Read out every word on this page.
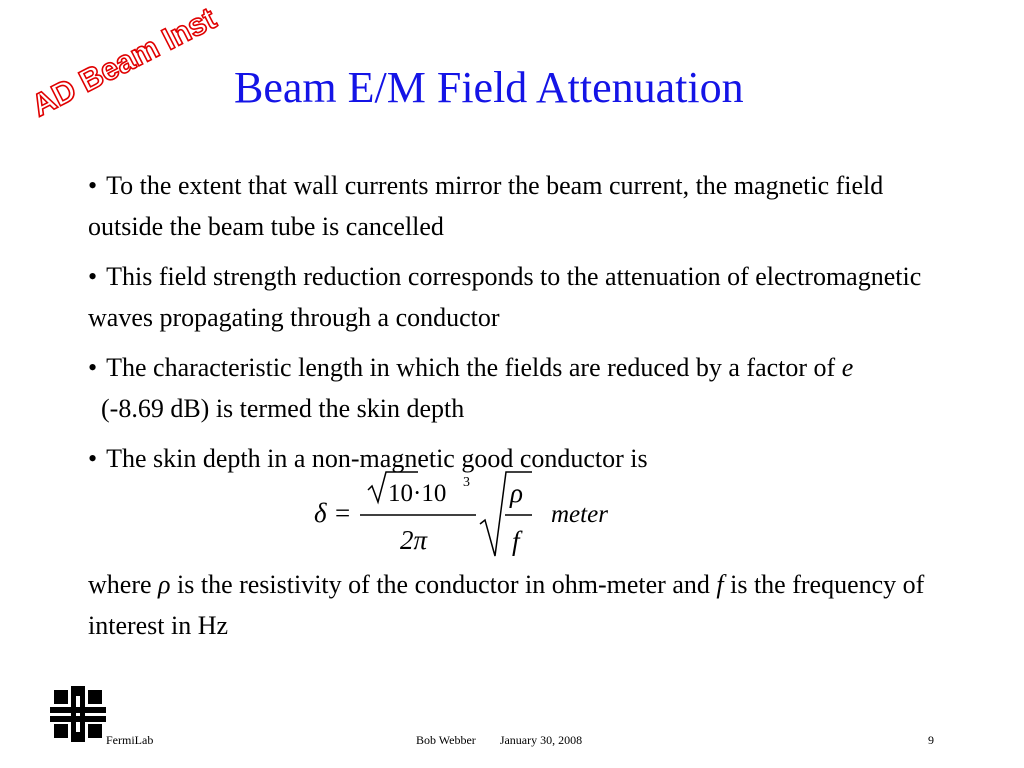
AD Beam Inst Beam E/M Field Attenuation
• To the extent that wall currents mirror the beam current, the magnetic field outside the beam tube is cancelled
• This field strength reduction corresponds to the attenuation of electromagnetic waves propagating through a conductor
• The characteristic length in which the fields are reduced by a factor of e  (-8.69 dB) is termed the skin depth
• The skin depth in a non-magnetic good conductor is
δ =
10·10 3
2π
ρ
f
meter
where ρ is the resistivity of the conductor in ohm-meter and f is the frequency of interest in Hz
FermiLab	Bob Webber January 30, 2008	9
